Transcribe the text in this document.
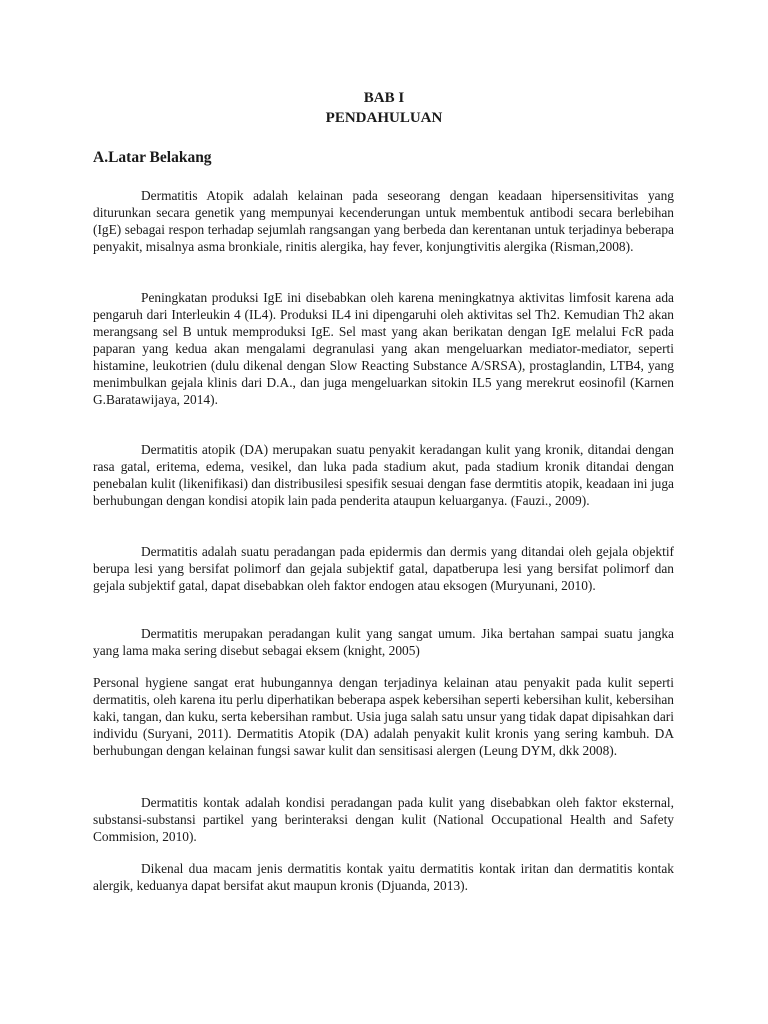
BAB I
PENDAHULUAN
A.Latar Belakang

Dermatitis Atopik adalah kelainan pada seseorang dengan keadaan hipersensitivitas yang diturunkan secara genetik yang mempunyai kecenderungan untuk membentuk antibodi secara berlebihan (IgE) sebagai respon terhadap sejumlah rangsangan yang berbeda dan kerentanan untuk terjadinya beberapa penyakit, misalnya asma bronkiale, rinitis alergika, hay fever, konjungtivitis alergika (Risman,2008).

Peningkatan produksi IgE ini disebabkan oleh karena meningkatnya aktivitas limfosit karena ada pengaruh dari Interleukin 4 (IL4). Produksi IL4 ini dipengaruhi oleh aktivitas sel Th2. Kemudian Th2 akan merangsang sel B untuk memproduksi IgE. Sel mast yang akan berikatan dengan IgE melalui FcR pada paparan yang kedua akan mengalami degranulasi yang akan mengeluarkan mediator-mediator, seperti histamine, leukotrien (dulu dikenal dengan Slow Reacting Substance A/SRSA), prostaglandin, LTB4, yang menimbulkan gejala klinis dari D.A., dan juga mengeluarkan sitokin IL5 yang merekrut eosinofil (Karnen G.Baratawijaya, 2014).

Dermatitis atopik (DA) merupakan suatu penyakit keradangan kulit yang kronik, ditandai dengan rasa gatal, eritema, edema, vesikel, dan luka pada stadium akut, pada stadium kronik ditandai dengan penebalan kulit (likenifikasi) dan distribusilesi spesifik sesuai dengan fase dermtitis atopik, keadaan ini juga berhubungan dengan kondisi atopik lain pada penderita ataupun keluarganya. (Fauzi., 2009).

Dermatitis adalah suatu peradangan pada epidermis dan dermis yang ditandai oleh gejala objektif berupa lesi yang bersifat polimorf dan gejala subjektif gatal, dapatberupa lesi yang bersifat polimorf dan gejala subjektif gatal, dapat disebabkan oleh faktor endogen atau eksogen (Muryunani, 2010).

Dermatitis merupakan peradangan kulit yang sangat umum. Jika bertahan sampai suatu jangka yang lama maka sering disebut sebagai eksem (knight, 2005)

Personal hygiene sangat erat hubungannya dengan terjadinya kelainan atau penyakit pada kulit seperti dermatitis, oleh karena itu perlu diperhatikan beberapa aspek kebersihan seperti kebersihan kulit, kebersihan kaki, tangan, dan kuku, serta kebersihan rambut. Usia juga salah satu unsur yang tidak dapat dipisahkan dari individu (Suryani, 2011). Dermatitis Atopik (DA) adalah penyakit kulit kronis yang sering kambuh. DA berhubungan dengan kelainan fungsi sawar kulit dan sensitisasi alergen (Leung DYM, dkk 2008).

Dermatitis kontak adalah kondisi peradangan pada kulit yang disebabkan oleh faktor eksternal, substansi-substansi partikel yang berinteraksi dengan kulit (National Occupational Health and Safety Commision, 2010).

Dikenal dua macam jenis dermatitis kontak yaitu dermatitis kontak iritan dan dermatitis kontak alergik, keduanya dapat bersifat akut maupun kronis (Djuanda, 2013).
